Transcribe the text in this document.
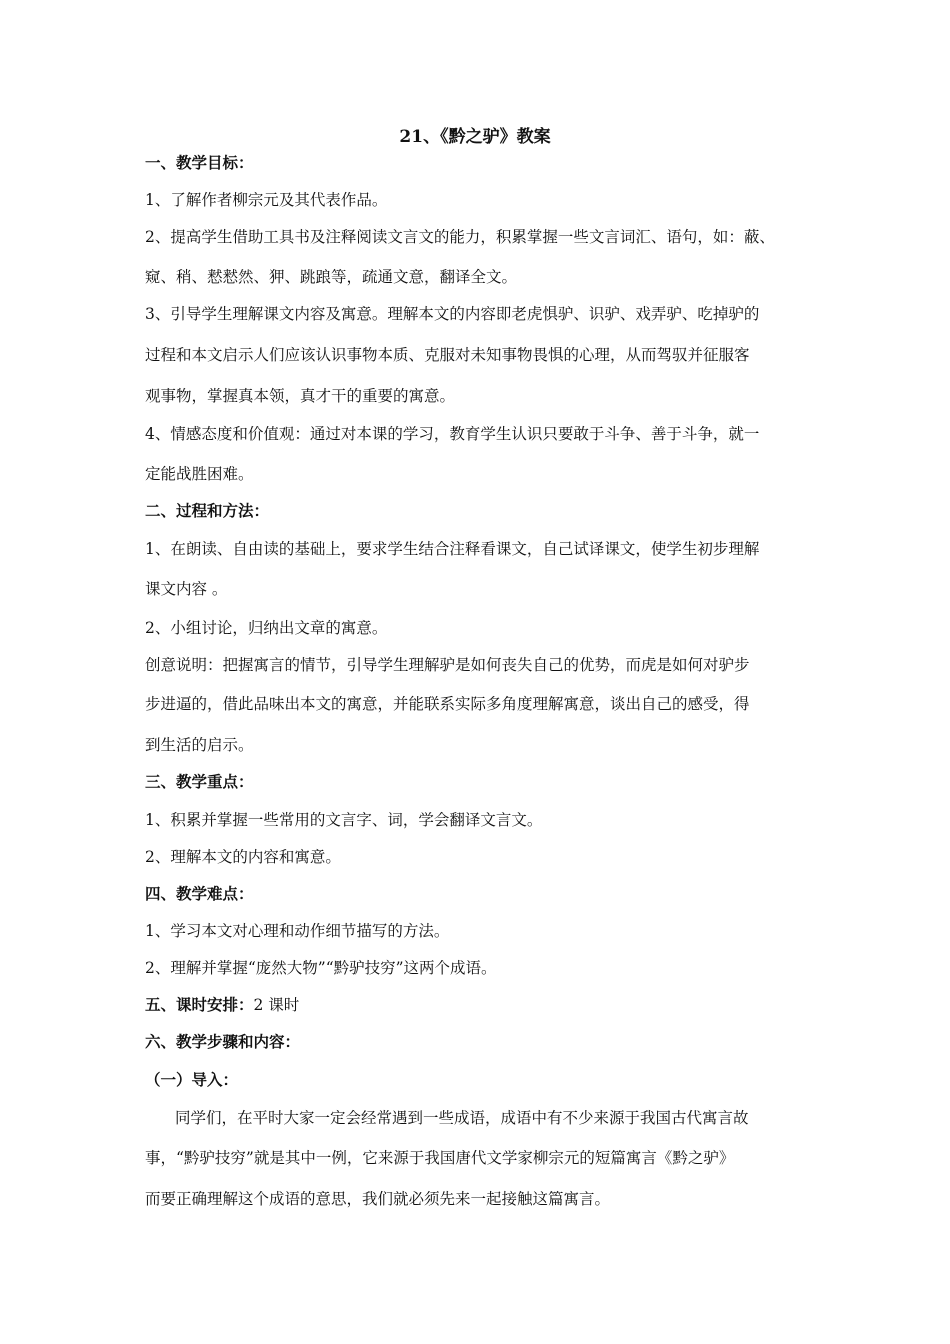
21、《黔之驴》教案
一、教学目标：
1、了解作者柳宗元及其代表作品。
2、提高学生借助工具书及注释阅读文言文的能力，积累掌握一些文言词汇、语句，如：蔽、
窥、稍、慭慭然、狎、跳踉等，疏通文意，翻译全文。
3、引导学生理解课文内容及寓意。理解本文的内容即老虎惧驴、识驴、戏弄驴、吃掉驴的
过程和本文启示人们应该认识事物本质、克服对未知事物畏惧的心理，从而驾驭并征服客
观事物，掌握真本领，真才干的重要的寓意。
4、情感态度和价值观：通过对本课的学习，教育学生认识只要敢于斗争、善于斗争，就一
定能战胜困难。
二、过程和方法：
1、在朗读、自由读的基础上，要求学生结合注释看课文，自己试译课文，使学生初步理解
课文内容 。
2、小组讨论，归纳出文章的寓意。
创意说明：把握寓言的情节，引导学生理解驴是如何丧失自己的优势，而虎是如何对驴步
步进逼的，借此品味出本文的寓意，并能联系实际多角度理解寓意，谈出自己的感受，得
到生活的启示。
三、教学重点：
1、积累并掌握一些常用的文言字、词，学会翻译文言文。
2、理解本文的内容和寓意。
四、教学难点：
1、学习本文对心理和动作细节描写的方法。
2、理解并掌握“庞然大物”“黔驴技穷”这两个成语。
五、课时安排：2 课时
六、教学步骤和内容：
（一）导入：
同学们，在平时大家一定会经常遇到一些成语，成语中有不少来源于我国古代寓言故
事，“黔驴技穷”就是其中一例，它来源于我国唐代文学家柳宗元的短篇寓言《黔之驴》
而要正确理解这个成语的意思，我们就必须先来一起接触这篇寓言。
